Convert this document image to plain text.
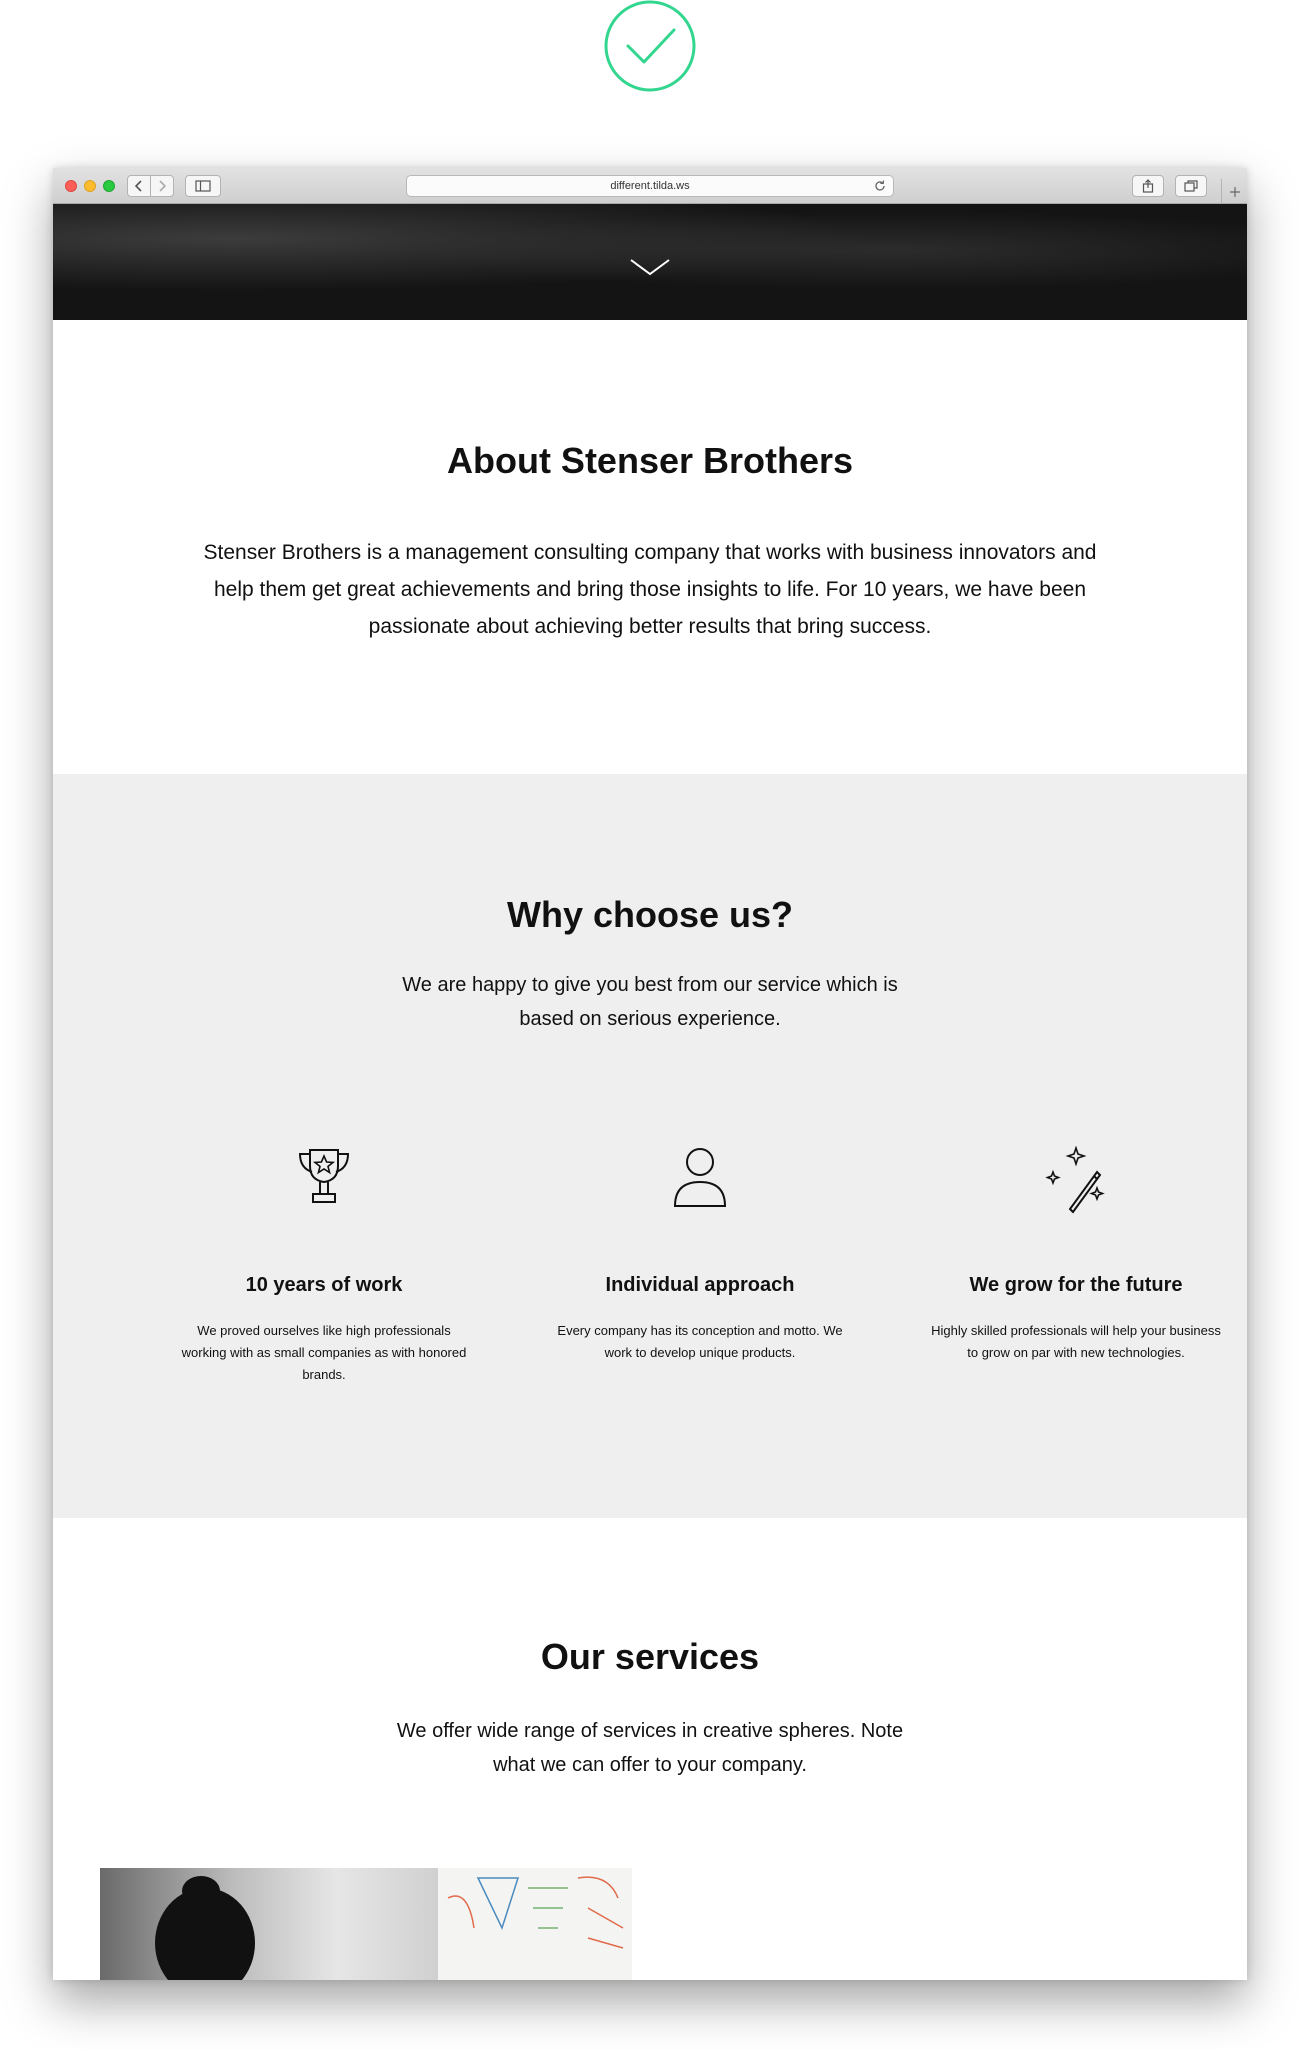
different.tilda.ws
About Stenser Brothers
Stenser Brothers is a management consulting company that works with business innovators and
help them get great achievements and bring those insights to life. For 10 years, we have been
passionate about achieving better results that bring success.
Why choose us?
We are happy to give you best from our service which is
based on serious experience.
10 years of work
We proved ourselves like high professionals
working with as small companies as with honored
brands.
Individual approach
Every company has its conception and motto. We
work to develop unique products.
We grow for the future
Highly skilled professionals will help your business
to grow on par with new technologies.
Our services
We offer wide range of services in creative spheres. Note
what we can offer to your company.
